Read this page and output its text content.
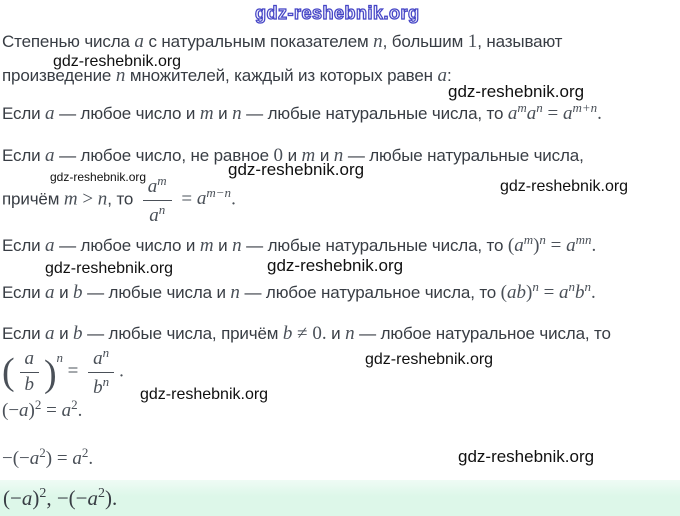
gdz-reshebnik.org
gdz-reshebnik.org
gdz-reshebnik.org
gdz-reshebnik.org
gdz-reshebnik.org
gdz-reshebnik.org
gdz-reshebnik.org	gdz-reshebnik.org
gdz-reshebnik.org
gdz-reshebnik.org
gdz-reshebnik.org
Степенью числа a с натуральным показателем n, большим 1, называют
произведение n множителей, каждый из которых равен a:
Если a — любое число и m и n — любые натуральные числа, то $a^ma^n = a^{m+n}$.
Если a — любое число, не равное 0 и m и n — любые натуральные числа,
причём m > n, то $\frac{a^m}{a^n} = a^{m-n}$.
Если a — любое число и m и n — любые натуральные числа, то $(a^m)^n = a^{mn}$.
Если a и b — любые числа и n — любое натуральное числа, то $(ab)^n = a^nb^n$.
Если a и b — любые числа, причём b ≠ 0. и n — любое натуральное числа, то
( $\frac{a}{b} )^n = \frac{a^n}{b^n}$ .
$(-a)^2 = a^2$.
$-(-a^2) = a^2$.
$(-a)^2$, $-(-a^2)$.
